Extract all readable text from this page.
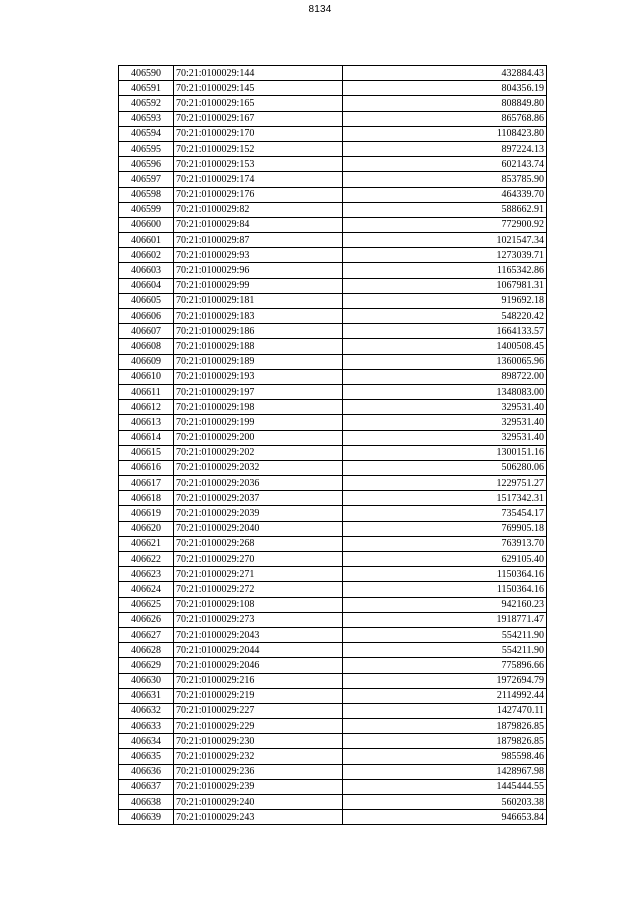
8134
406590	70:21:0100029:144	432884.43
406591	70:21:0100029:145	804356.19
406592	70:21:0100029:165	808849.80
406593	70:21:0100029:167	865768.86
406594	70:21:0100029:170	1108423.80
406595	70:21:0100029:152	897224.13
406596	70:21:0100029:153	602143.74
406597	70:21:0100029:174	853785.90
406598	70:21:0100029:176	464339.70
406599	70:21:0100029:82	588662.91
406600	70:21:0100029:84	772900.92
406601	70:21:0100029:87	1021547.34
406602	70:21:0100029:93	1273039.71
406603	70:21:0100029:96	1165342.86
406604	70:21:0100029:99	1067981.31
406605	70:21:0100029:181	919692.18
406606	70:21:0100029:183	548220.42
406607	70:21:0100029:186	1664133.57
406608	70:21:0100029:188	1400508.45
406609	70:21:0100029:189	1360065.96
406610	70:21:0100029:193	898722.00
406611	70:21:0100029:197	1348083.00
406612	70:21:0100029:198	329531.40
406613	70:21:0100029:199	329531.40
406614	70:21:0100029:200	329531.40
406615	70:21:0100029:202	1300151.16
406616	70:21:0100029:2032	506280.06
406617	70:21:0100029:2036	1229751.27
406618	70:21:0100029:2037	1517342.31
406619	70:21:0100029:2039	735454.17
406620	70:21:0100029:2040	769905.18
406621	70:21:0100029:268	763913.70
406622	70:21:0100029:270	629105.40
406623	70:21:0100029:271	1150364.16
406624	70:21:0100029:272	1150364.16
406625	70:21:0100029:108	942160.23
406626	70:21:0100029:273	1918771.47
406627	70:21:0100029:2043	554211.90
406628	70:21:0100029:2044	554211.90
406629	70:21:0100029:2046	775896.66
406630	70:21:0100029:216	1972694.79
406631	70:21:0100029:219	2114992.44
406632	70:21:0100029:227	1427470.11
406633	70:21:0100029:229	1879826.85
406634	70:21:0100029:230	1879826.85
406635	70:21:0100029:232	985598.46
406636	70:21:0100029:236	1428967.98
406637	70:21:0100029:239	1445444.55
406638	70:21:0100029:240	560203.38
406639	70:21:0100029:243	946653.84
